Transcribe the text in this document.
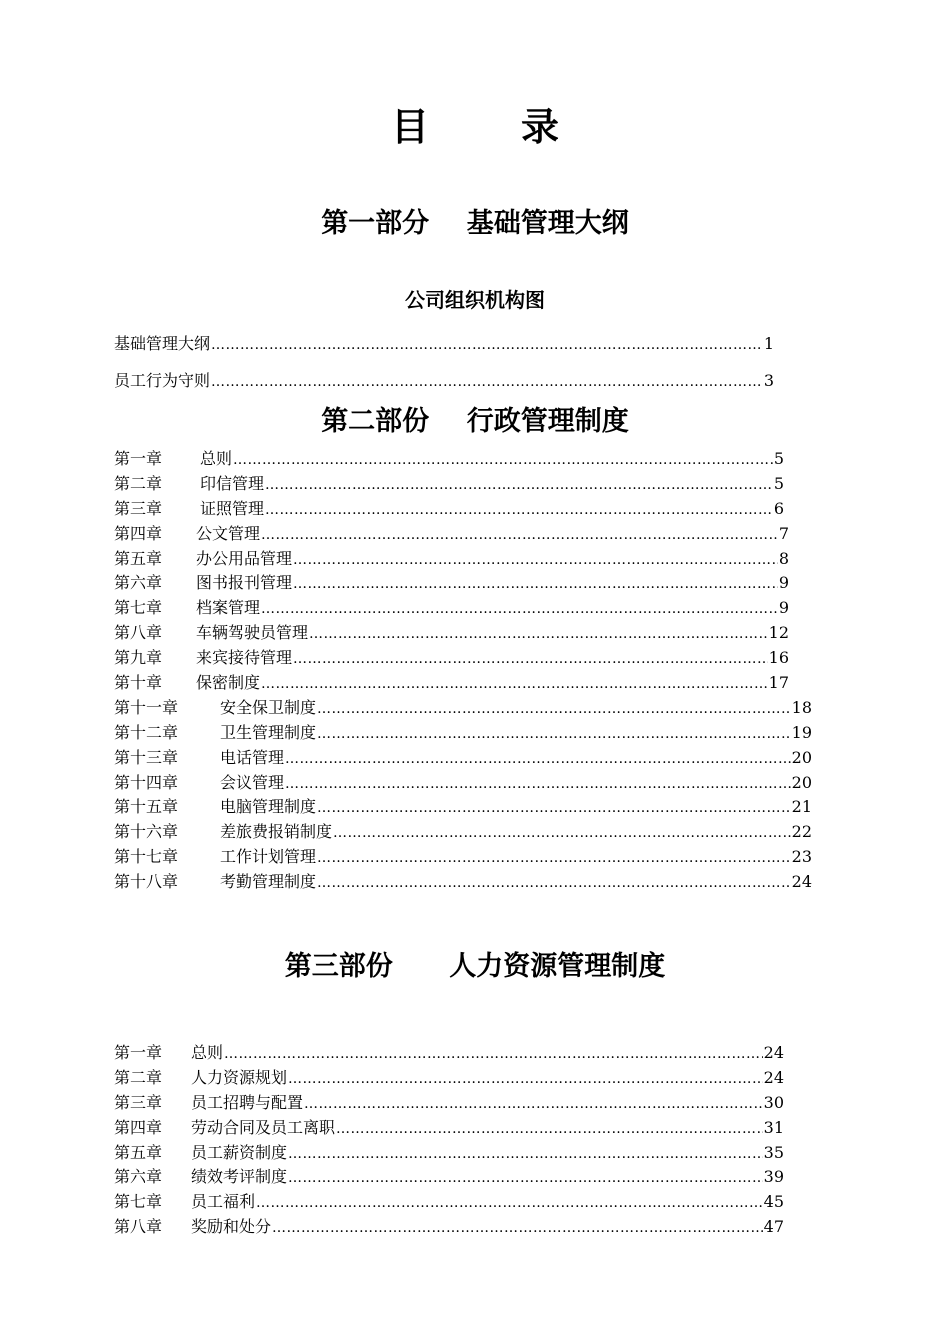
目 录
第一部分    基础管理大纲
公司组织机构图
基础管理大纲 …………………………………………………………………………………………………………………………………………………………………………	1
员工行为守则 …………………………………………………………………………………………………………………………………………………………………………	3
第二部份    行政管理制度
第一章	总则 …………………………………………………………………………………………………………………………………………………………………………	5
第二章	印信管理 …………………………………………………………………………………………………………………………………………………………………………	5
第三章	证照管理 …………………………………………………………………………………………………………………………………………………………………………	6
第四章	公文管理 …………………………………………………………………………………………………………………………………………………………………………	7
第五章	办公用品管理 …………………………………………………………………………………………………………………………………………………………………………	8
第六章	图书报刊管理 …………………………………………………………………………………………………………………………………………………………………………	9
第七章	档案管理 …………………………………………………………………………………………………………………………………………………………………………	9
第八章	车辆驾驶员管理 …………………………………………………………………………………………………………………………………………………………………………	12
第九章	来宾接待管理 …………………………………………………………………………………………………………………………………………………………………………	16
第十章	保密制度 …………………………………………………………………………………………………………………………………………………………………………	17
第十一章	安全保卫制度 …………………………………………………………………………………………………………………………………………………………………………	18
第十二章	卫生管理制度 …………………………………………………………………………………………………………………………………………………………………………	19
第十三章	电话管理 …………………………………………………………………………………………………………………………………………………………………………	20
第十四章	会议管理 …………………………………………………………………………………………………………………………………………………………………………	20
第十五章	电脑管理制度 …………………………………………………………………………………………………………………………………………………………………………	21
第十六章	差旅费报销制度 …………………………………………………………………………………………………………………………………………………………………………	22
第十七章	工作计划管理 …………………………………………………………………………………………………………………………………………………………………………	23
第十八章	考勤管理制度 …………………………………………………………………………………………………………………………………………………………………………	24
第三部份      人力资源管理制度
第一章	总则 …………………………………………………………………………………………………………………………………………………………………………	24
第二章	人力资源规划 …………………………………………………………………………………………………………………………………………………………………………	24
第三章	员工招聘与配置 …………………………………………………………………………………………………………………………………………………………………………	30
第四章	劳动合同及员工离职 …………………………………………………………………………………………………………………………………………………………………………	31
第五章	员工薪资制度 …………………………………………………………………………………………………………………………………………………………………………	35
第六章	绩效考评制度 …………………………………………………………………………………………………………………………………………………………………………	39
第七章	员工福利 …………………………………………………………………………………………………………………………………………………………………………	45
第八章	奖励和处分 …………………………………………………………………………………………………………………………………………………………………………	47
